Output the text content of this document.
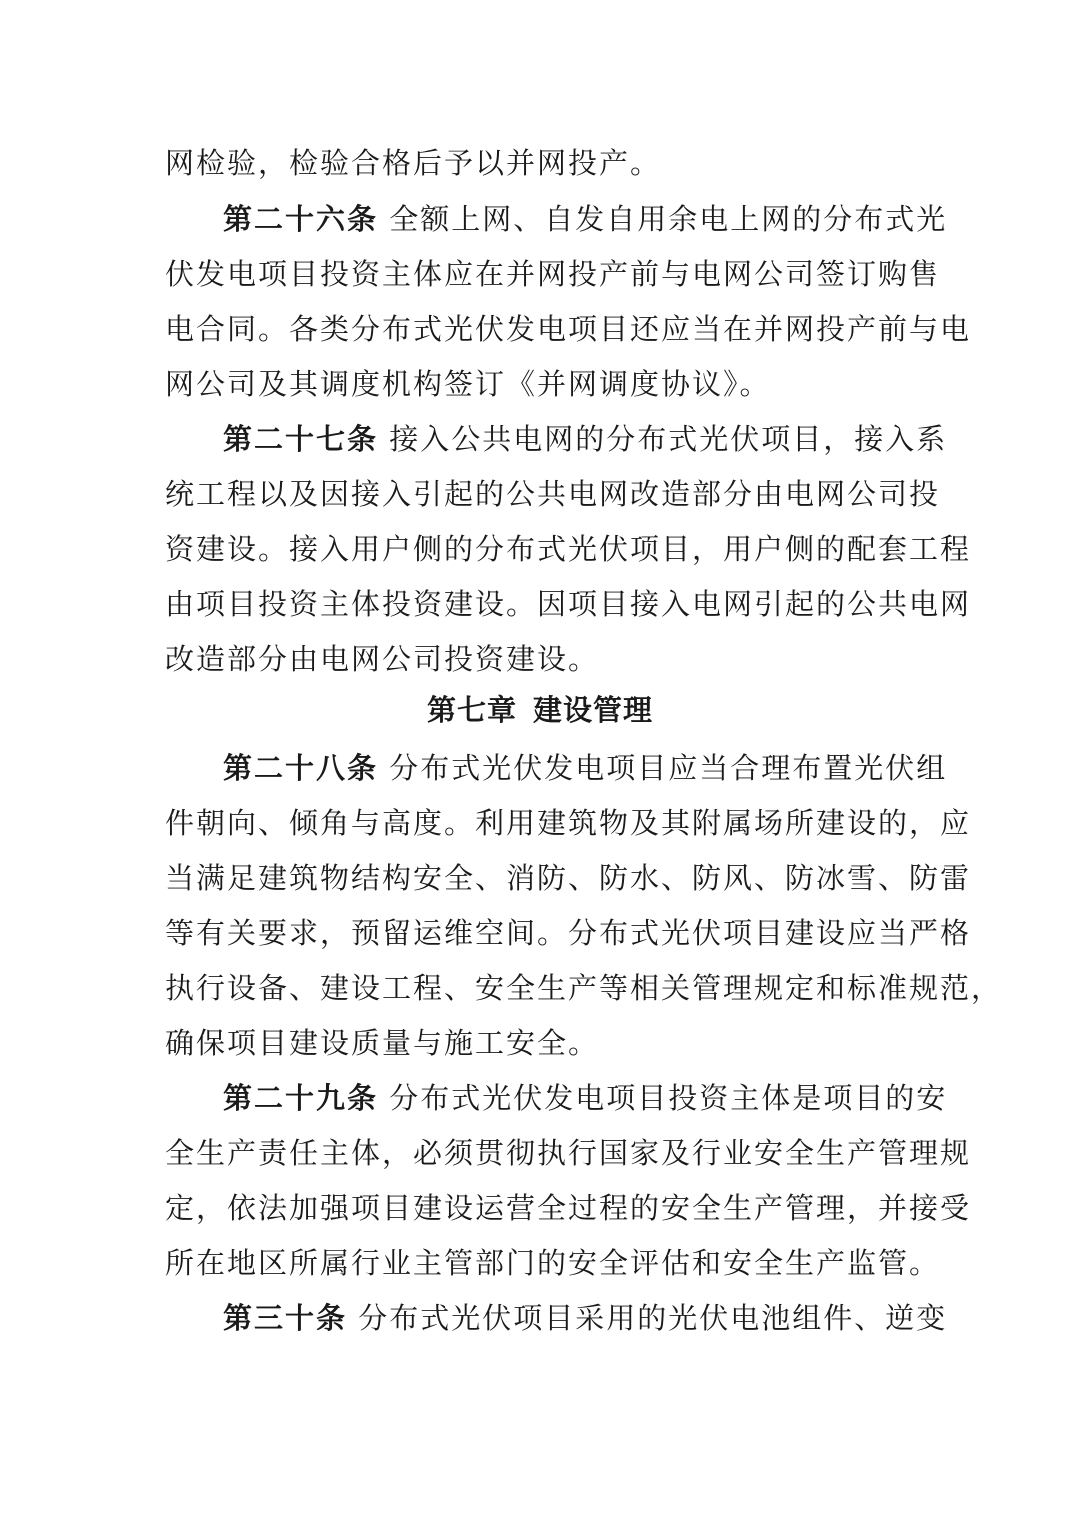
网检验，检验合格后予以并网投产。
第二十六条 全额上网、自发自用余电上网的分布式光
伏发电项目投资主体应在并网投产前与电网公司签订购售
电合同。各类分布式光伏发电项目还应当在并网投产前与电
网公司及其调度机构签订《并网调度协议》。
第二十七条 接入公共电网的分布式光伏项目，接入系
统工程以及因接入引起的公共电网改造部分由电网公司投
资建设。接入用户侧的分布式光伏项目，用户侧的配套工程
由项目投资主体投资建设。因项目接入电网引起的公共电网
改造部分由电网公司投资建设。
第二十八条 分布式光伏发电项目应当合理布置光伏组
件朝向、倾角与高度。利用建筑物及其附属场所建设的，应
当满足建筑物结构安全、消防、防水、防风、防冰雪、防雷
等有关要求，预留运维空间。分布式光伏项目建设应当严格
执行设备、建设工程、安全生产等相关管理规定和标准规范，
确保项目建设质量与施工安全。
第二十九条 分布式光伏发电项目投资主体是项目的安
全生产责任主体，必须贯彻执行国家及行业安全生产管理规
定，依法加强项目建设运营全过程的安全生产管理，并接受
所在地区所属行业主管部门的安全评估和安全生产监管。
第三十条 分布式光伏项目采用的光伏电池组件、逆变
第七章 建设管理
